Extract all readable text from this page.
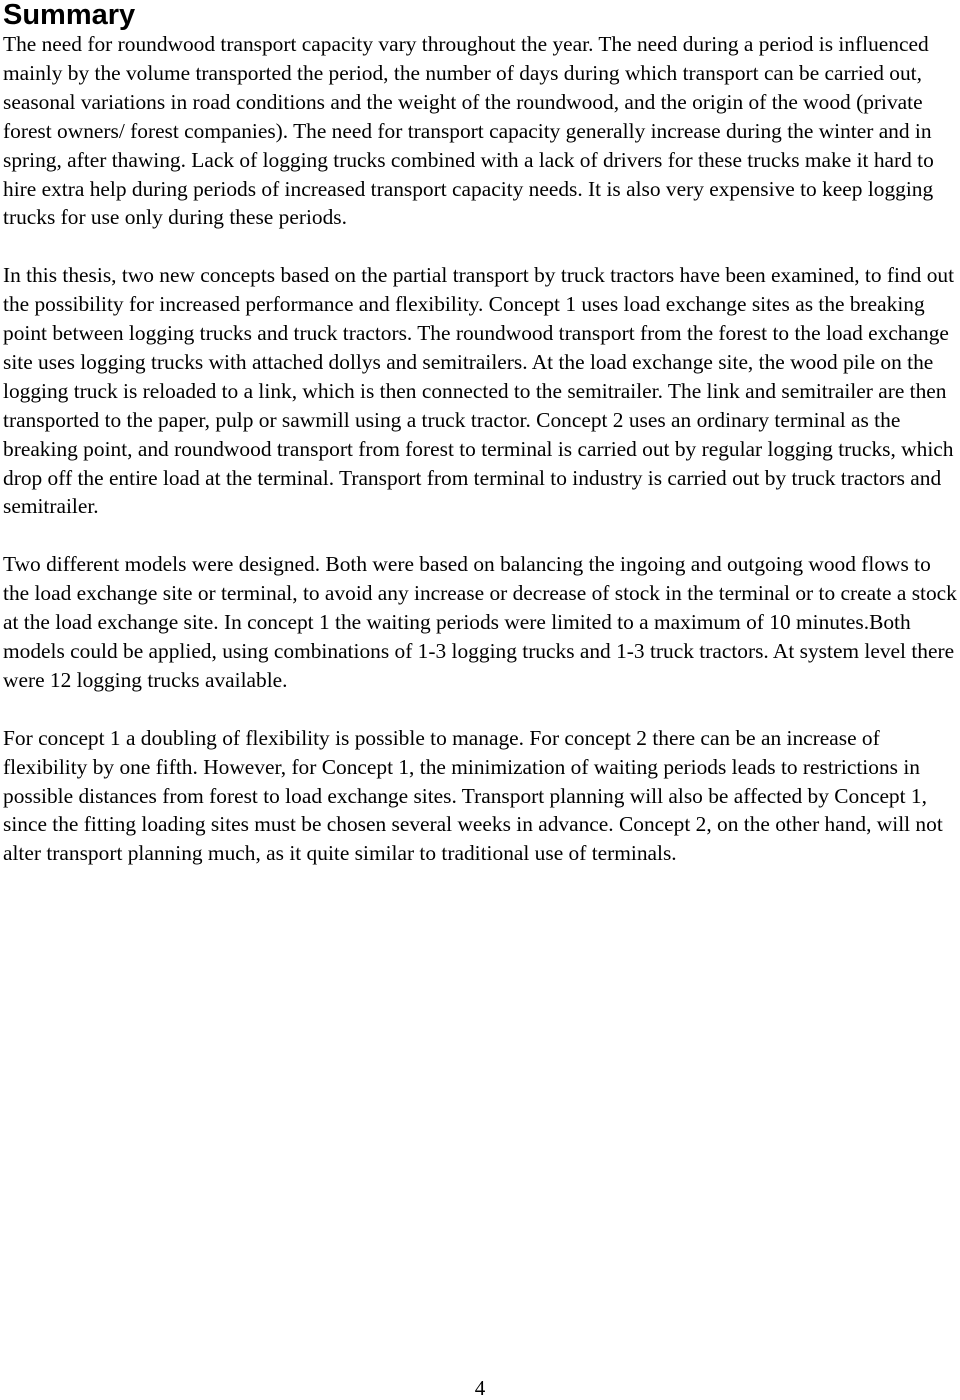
Summary

The need for roundwood transport capacity vary throughout the year. The need during a period is influenced mainly by the volume transported the period, the number of days during which transport can be carried out, seasonal variations in road conditions and the weight of the roundwood, and the origin of the wood (private forest owners/ forest companies). The need for transport capacity generally increase during the winter and in spring, after thawing. Lack of logging trucks combined with a lack of drivers for these trucks make it hard to hire extra help during periods of increased transport capacity needs. It is also very expensive to keep logging trucks for use only during these periods.

In this thesis, two new concepts based on the partial transport by truck tractors have been examined, to find out the possibility for increased performance and flexibility. Concept 1 uses load exchange sites as the breaking point between logging trucks and truck tractors. The roundwood transport from the forest to the load exchange site uses logging trucks with attached dollys and semitrailers. At the load exchange site, the wood pile on the logging truck is reloaded to a link, which is then connected to the semitrailer. The link and semitrailer are then transported to the paper, pulp or sawmill using a truck tractor. Concept 2 uses an ordinary terminal as the breaking point, and roundwood transport from forest to terminal is carried out by regular logging trucks, which drop off the entire load at the terminal. Transport from terminal to industry is carried out by truck tractors and semitrailer.

Two different models were designed. Both were based on balancing the ingoing and outgoing wood flows to the load exchange site or terminal, to avoid any increase or decrease of stock in the terminal or to create a stock at the load exchange site. In concept 1 the waiting periods were limited to a maximum of 10 minutes.Both models could be applied, using combinations of 1-3 logging trucks and 1-3 truck tractors. At system level there were 12 logging trucks available.

For concept 1 a doubling of flexibility is possible to manage. For concept 2 there can be an increase of flexibility by one fifth. However, for Concept 1, the minimization of waiting periods leads to restrictions in possible distances from forest to load exchange sites. Transport planning will also be affected by Concept 1, since the fitting loading sites must be chosen several weeks in advance. Concept 2, on the other hand, will not alter transport planning much, as it quite similar to traditional use of terminals.

4
